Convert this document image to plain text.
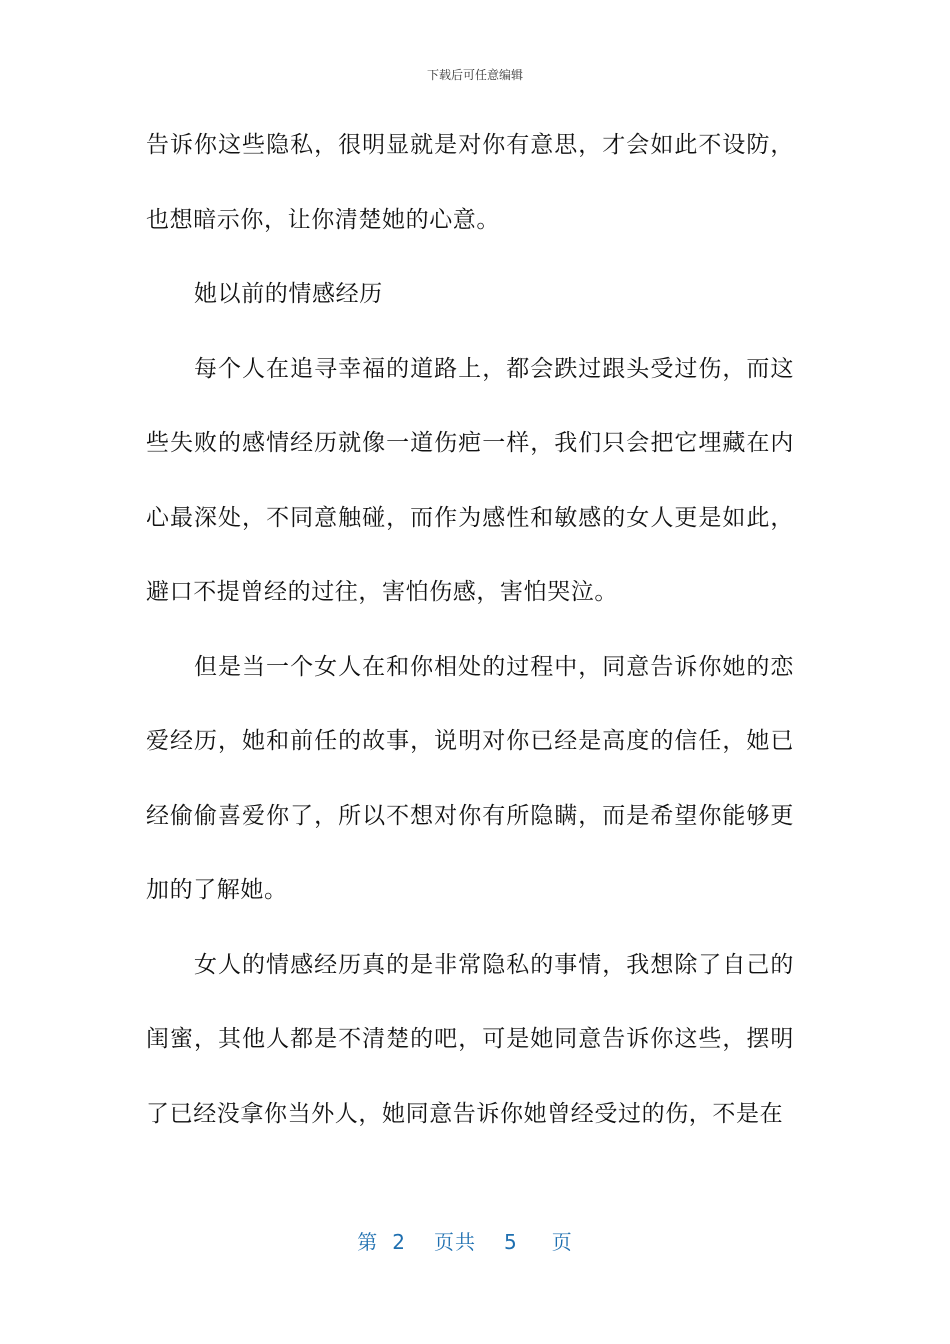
下载后可任意编辑

告诉你这些隐私，很明显就是对你有意思，才会如此不设防，也想暗示你，让你清楚她的心意。

她以前的情感经历

每个人在追寻幸福的道路上，都会跌过跟头受过伤，而这些失败的感情经历就像一道伤疤一样，我们只会把它埋藏在内心最深处，不同意触碰，而作为感性和敏感的女人更是如此，避口不提曾经的过往，害怕伤感，害怕哭泣。

但是当一个女人在和你相处的过程中，同意告诉你她的恋爱经历，她和前任的故事，说明对你已经是高度的信任，她已经偷偷喜爱你了，所以不想对你有所隐瞒，而是希望你能够更加的了解她。

女人的情感经历真的是非常隐私的事情，我想除了自己的闺蜜，其他人都是不清楚的吧，可是她同意告诉你这些，摆明了已经没拿你当外人，她同意告诉你她曾经受过的伤，不是在

第 2 页共 5 页
